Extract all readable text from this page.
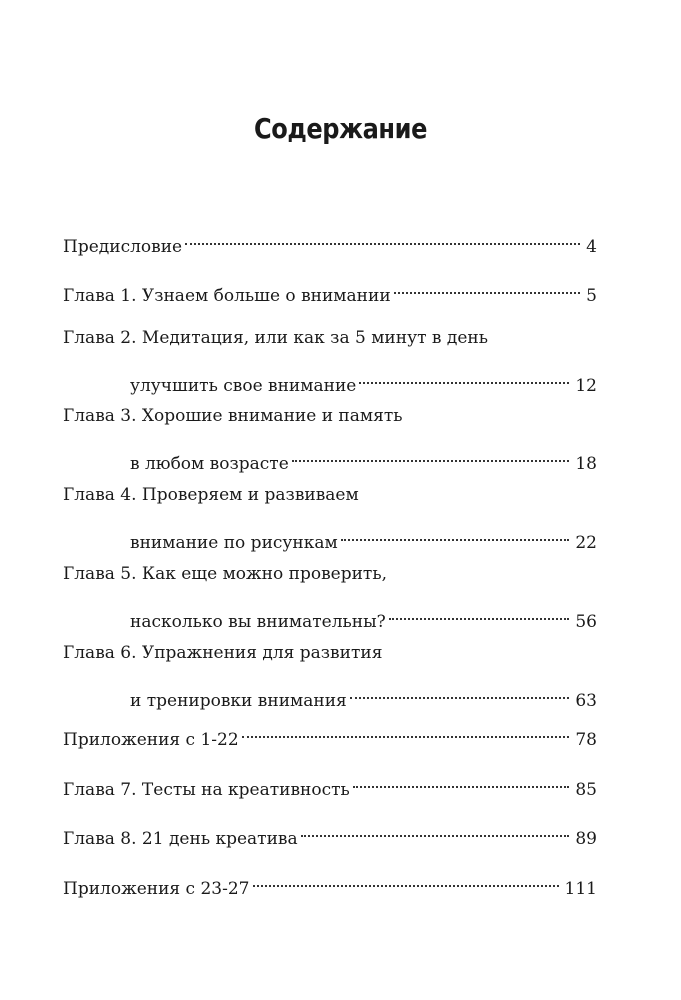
Содержание
Предисловие	4
Глава 1. Узнаем больше о внимании	5
Глава 2. Медитация, или как за 5 минут в день
улучшить свое внимание	12
Глава 3. Хорошие внимание и память
в любом возрасте	18
Глава 4. Проверяем и развиваем
внимание по рисункам	22
Глава 5. Как еще можно проверить,
насколько вы внимательны?	56
Глава 6. Упражнения для развития
и тренировки внимания	63
Приложения с 1-22	78
Глава 7. Тесты на креативность	85
Глава 8. 21 день креатива	89
Приложения с 23-27	111
